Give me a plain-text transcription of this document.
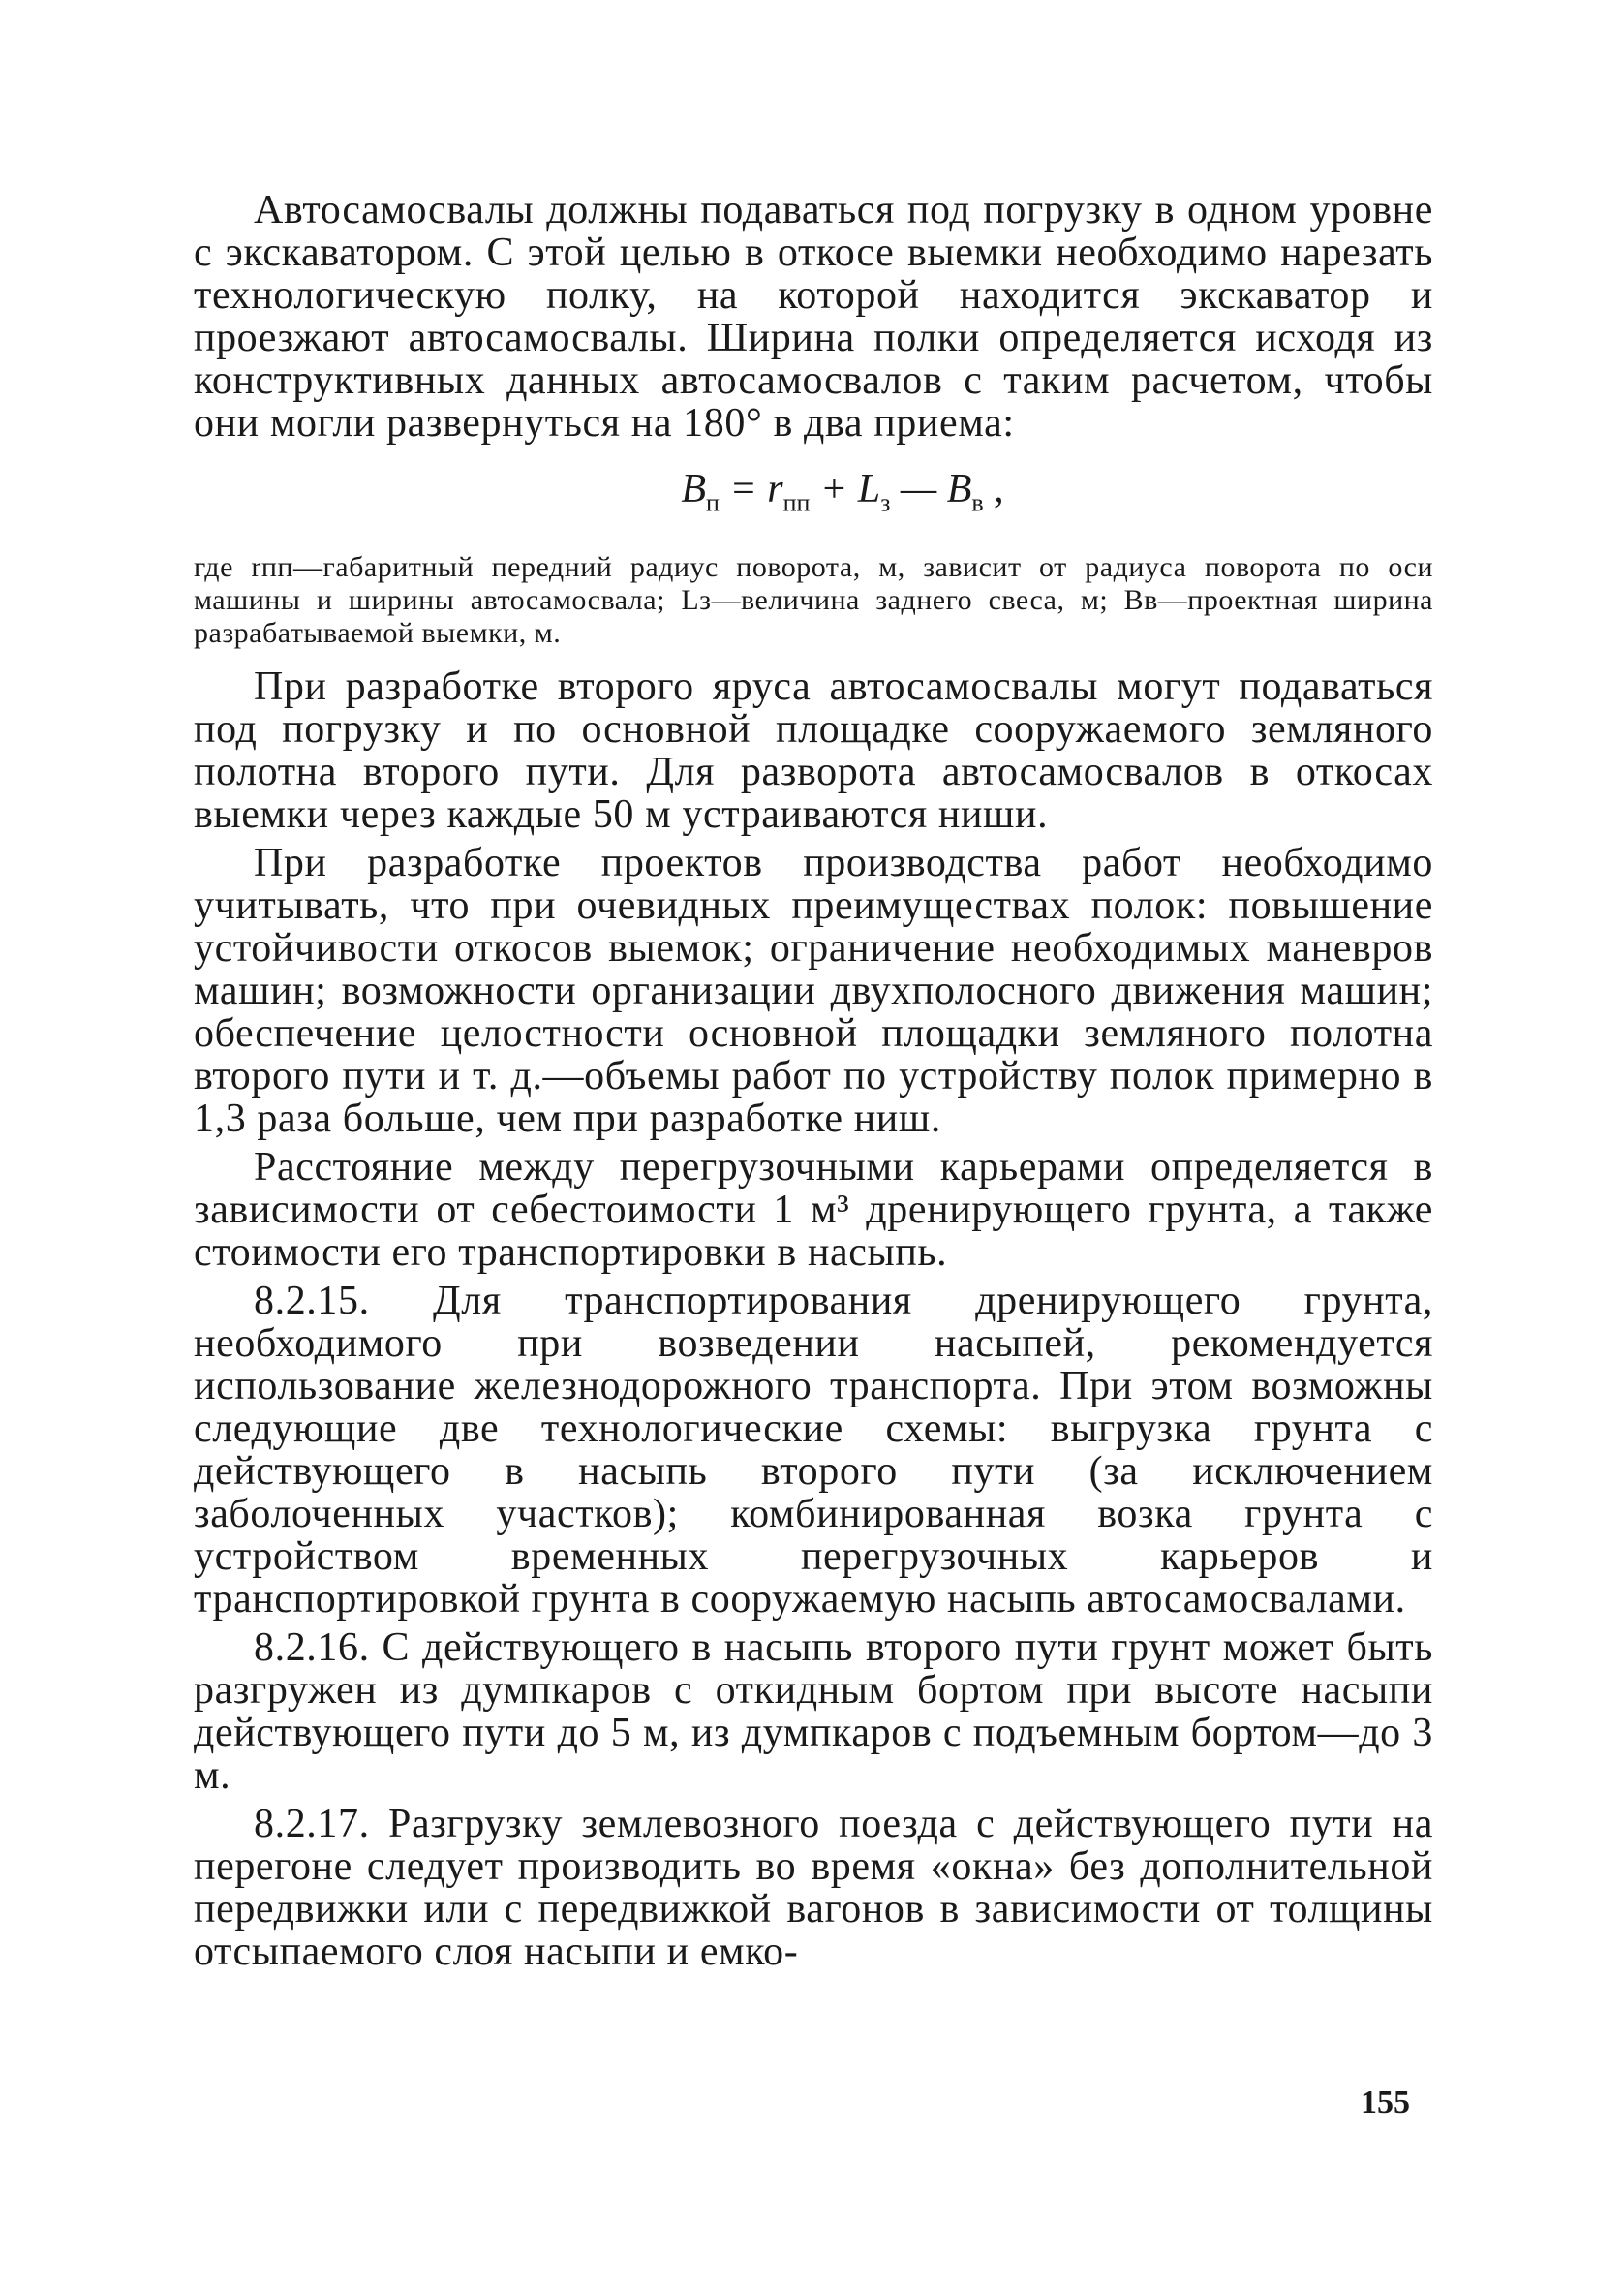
Автосамосвалы должны подаваться под погрузку в одном уровне с экскаватором. С этой целью в откосе выемки необходимо нарезать технологическую полку, на которой находится экскаватор и проезжают автосамосвалы. Ширина полки определяется исходя из конструктивных данных автосамосвалов с таким расчетом, чтобы они могли развернуться на 180° в два приема:

$B_п = r_{пп} + L_з$ — $B_в$ ,

где rпп—габаритный передний радиус поворота, м, зависит от радиуса поворота по оси машины и ширины автосамосвала; Lз—величина заднего свеса, м; Bв—проектная ширина разрабатываемой выемки, м.

При разработке второго яруса автосамосвалы могут подаваться под погрузку и по основной площадке сооружаемого земляного полотна второго пути. Для разворота автосамосвалов в откосах выемки через каждые 50 м устраиваются ниши.

При разработке проектов производства работ необходимо учитывать, что при очевидных преимуществах полок: повышение устойчивости откосов выемок; ограничение необходимых маневров машин; возможности организации двухполосного движения машин; обеспечение целостности основной площадки земляного полотна второго пути и т. д.—объемы работ по устройству полок примерно в 1,3 раза больше, чем при разработке ниш.

Расстояние между перегрузочными карьерами определяется в зависимости от себестоимости 1 м³ дренирующего грунта, а также стоимости его транспортировки в насыпь.

8.2.15. Для транспортирования дренирующего грунта, необходимого при возведении насыпей, рекомендуется использование железнодорожного транспорта. При этом возможны следующие две технологические схемы: выгрузка грунта с действующего в насыпь второго пути (за исключением заболоченных участков); комбинированная возка грунта с устройством временных перегрузочных карьеров и транспортировкой грунта в сооружаемую насыпь автосамосвалами.

8.2.16. С действующего в насыпь второго пути грунт может быть разгружен из думпкаров с откидным бортом при высоте насыпи действующего пути до 5 м, из думпкаров с подъемным бортом—до 3 м.

8.2.17. Разгрузку землевозного поезда с действующего пути на перегоне следует производить во время «окна» без дополнительной передвижки или с передвижкой вагонов в зависимости от толщины отсыпаемого слоя насыпи и емко-

155
